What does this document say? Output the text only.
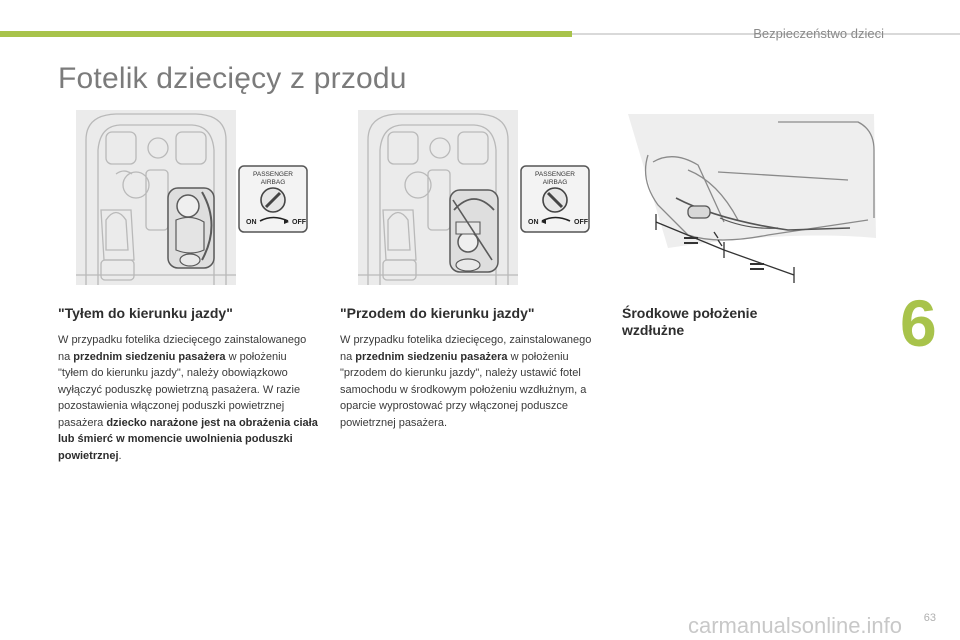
Bezpieczeństwo dzieci
Fotelik dziecięcy z przodu
PASSENGER
AIRBAG
ON	OFF
PASSENGER
AIRBAG
ON	OFF
"Tyłem do kierunku jazdy"

W przypadku fotelika dziecięcego zainstalowanego na przednim siedzeniu pasażera w położeniu "tyłem do kierunku jazdy", należy obowiązkowo wyłączyć poduszkę powietrzną pasażera. W razie pozostawienia włączonej poduszki powietrznej pasażera dziecko narażone jest na obrażenia ciała lub śmierć w momencie uwolnienia poduszki powietrznej.

"Przodem do kierunku jazdy"

W przypadku fotelika dziecięcego, zainstalowanego na przednim siedzeniu pasażera w położeniu "przodem do kierunku jazdy", należy ustawić fotel samochodu w środkowym położeniu wzdłużnym, a oparcie wyprostować przy włączonej poduszce powietrznej pasażera.

Środkowe położenie wzdłużne	6
carmanualsonline.info 63
